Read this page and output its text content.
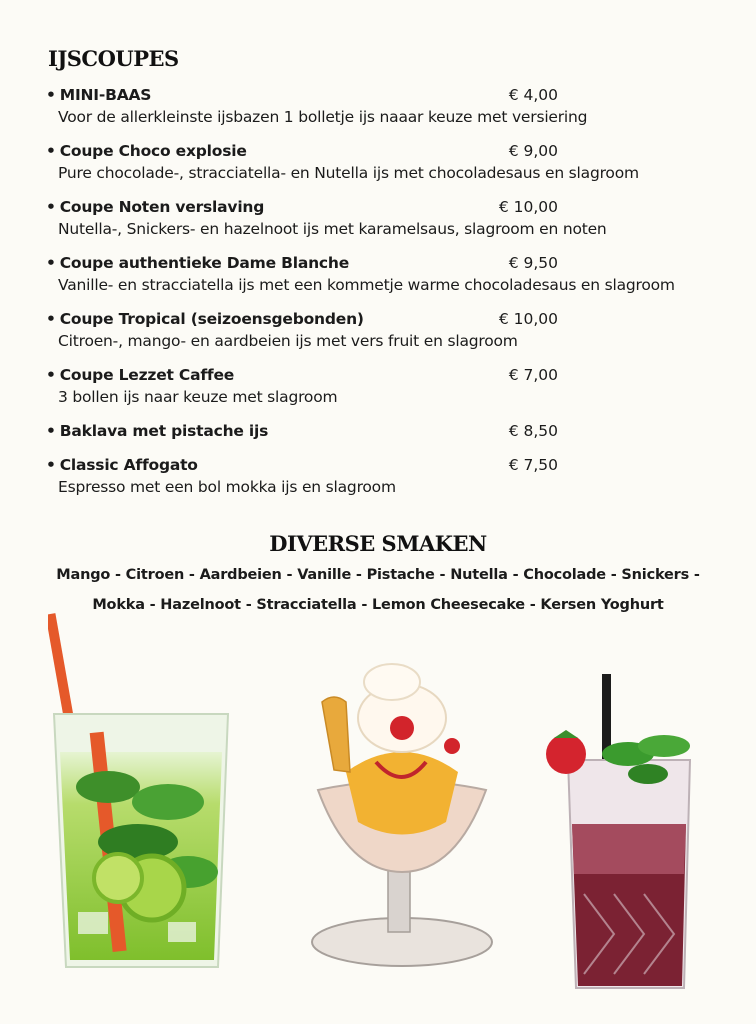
IJSCOUPES
• MINI-BAAS	€ 4,00
Voor de allerkleinste ijsbazen 1 bolletje ijs naaar keuze met versiering
• Coupe Choco explosie	€ 9,00
Pure chocolade-, stracciatella- en Nutella ijs met chocoladesaus en slagroom
• Coupe Noten verslaving	€ 10,00
Nutella-, Snickers- en hazelnoot ijs met karamelsaus, slagroom en noten
• Coupe authentieke Dame Blanche	€ 9,50
Vanille- en stracciatella ijs met een kommetje warme chocoladesaus en slagroom
• Coupe Tropical (seizoensgebonden)	€ 10,00
Citroen-, mango- en aardbeien ijs met vers fruit en slagroom
• Coupe Lezzet Caffee	€ 7,00
3 bollen ijs naar keuze met slagroom
• Baklava met pistache ijs	€ 8,50
• Classic Affogato	€ 7,50
Espresso met een bol mokka ijs en slagroom
DIVERSE SMAKEN
Mango - Citroen - Aardbeien - Vanille - Pistache - Nutella - Chocolade - Snickers -
Mokka - Hazelnoot - Stracciatella - Lemon Cheesecake - Kersen Yoghurt
